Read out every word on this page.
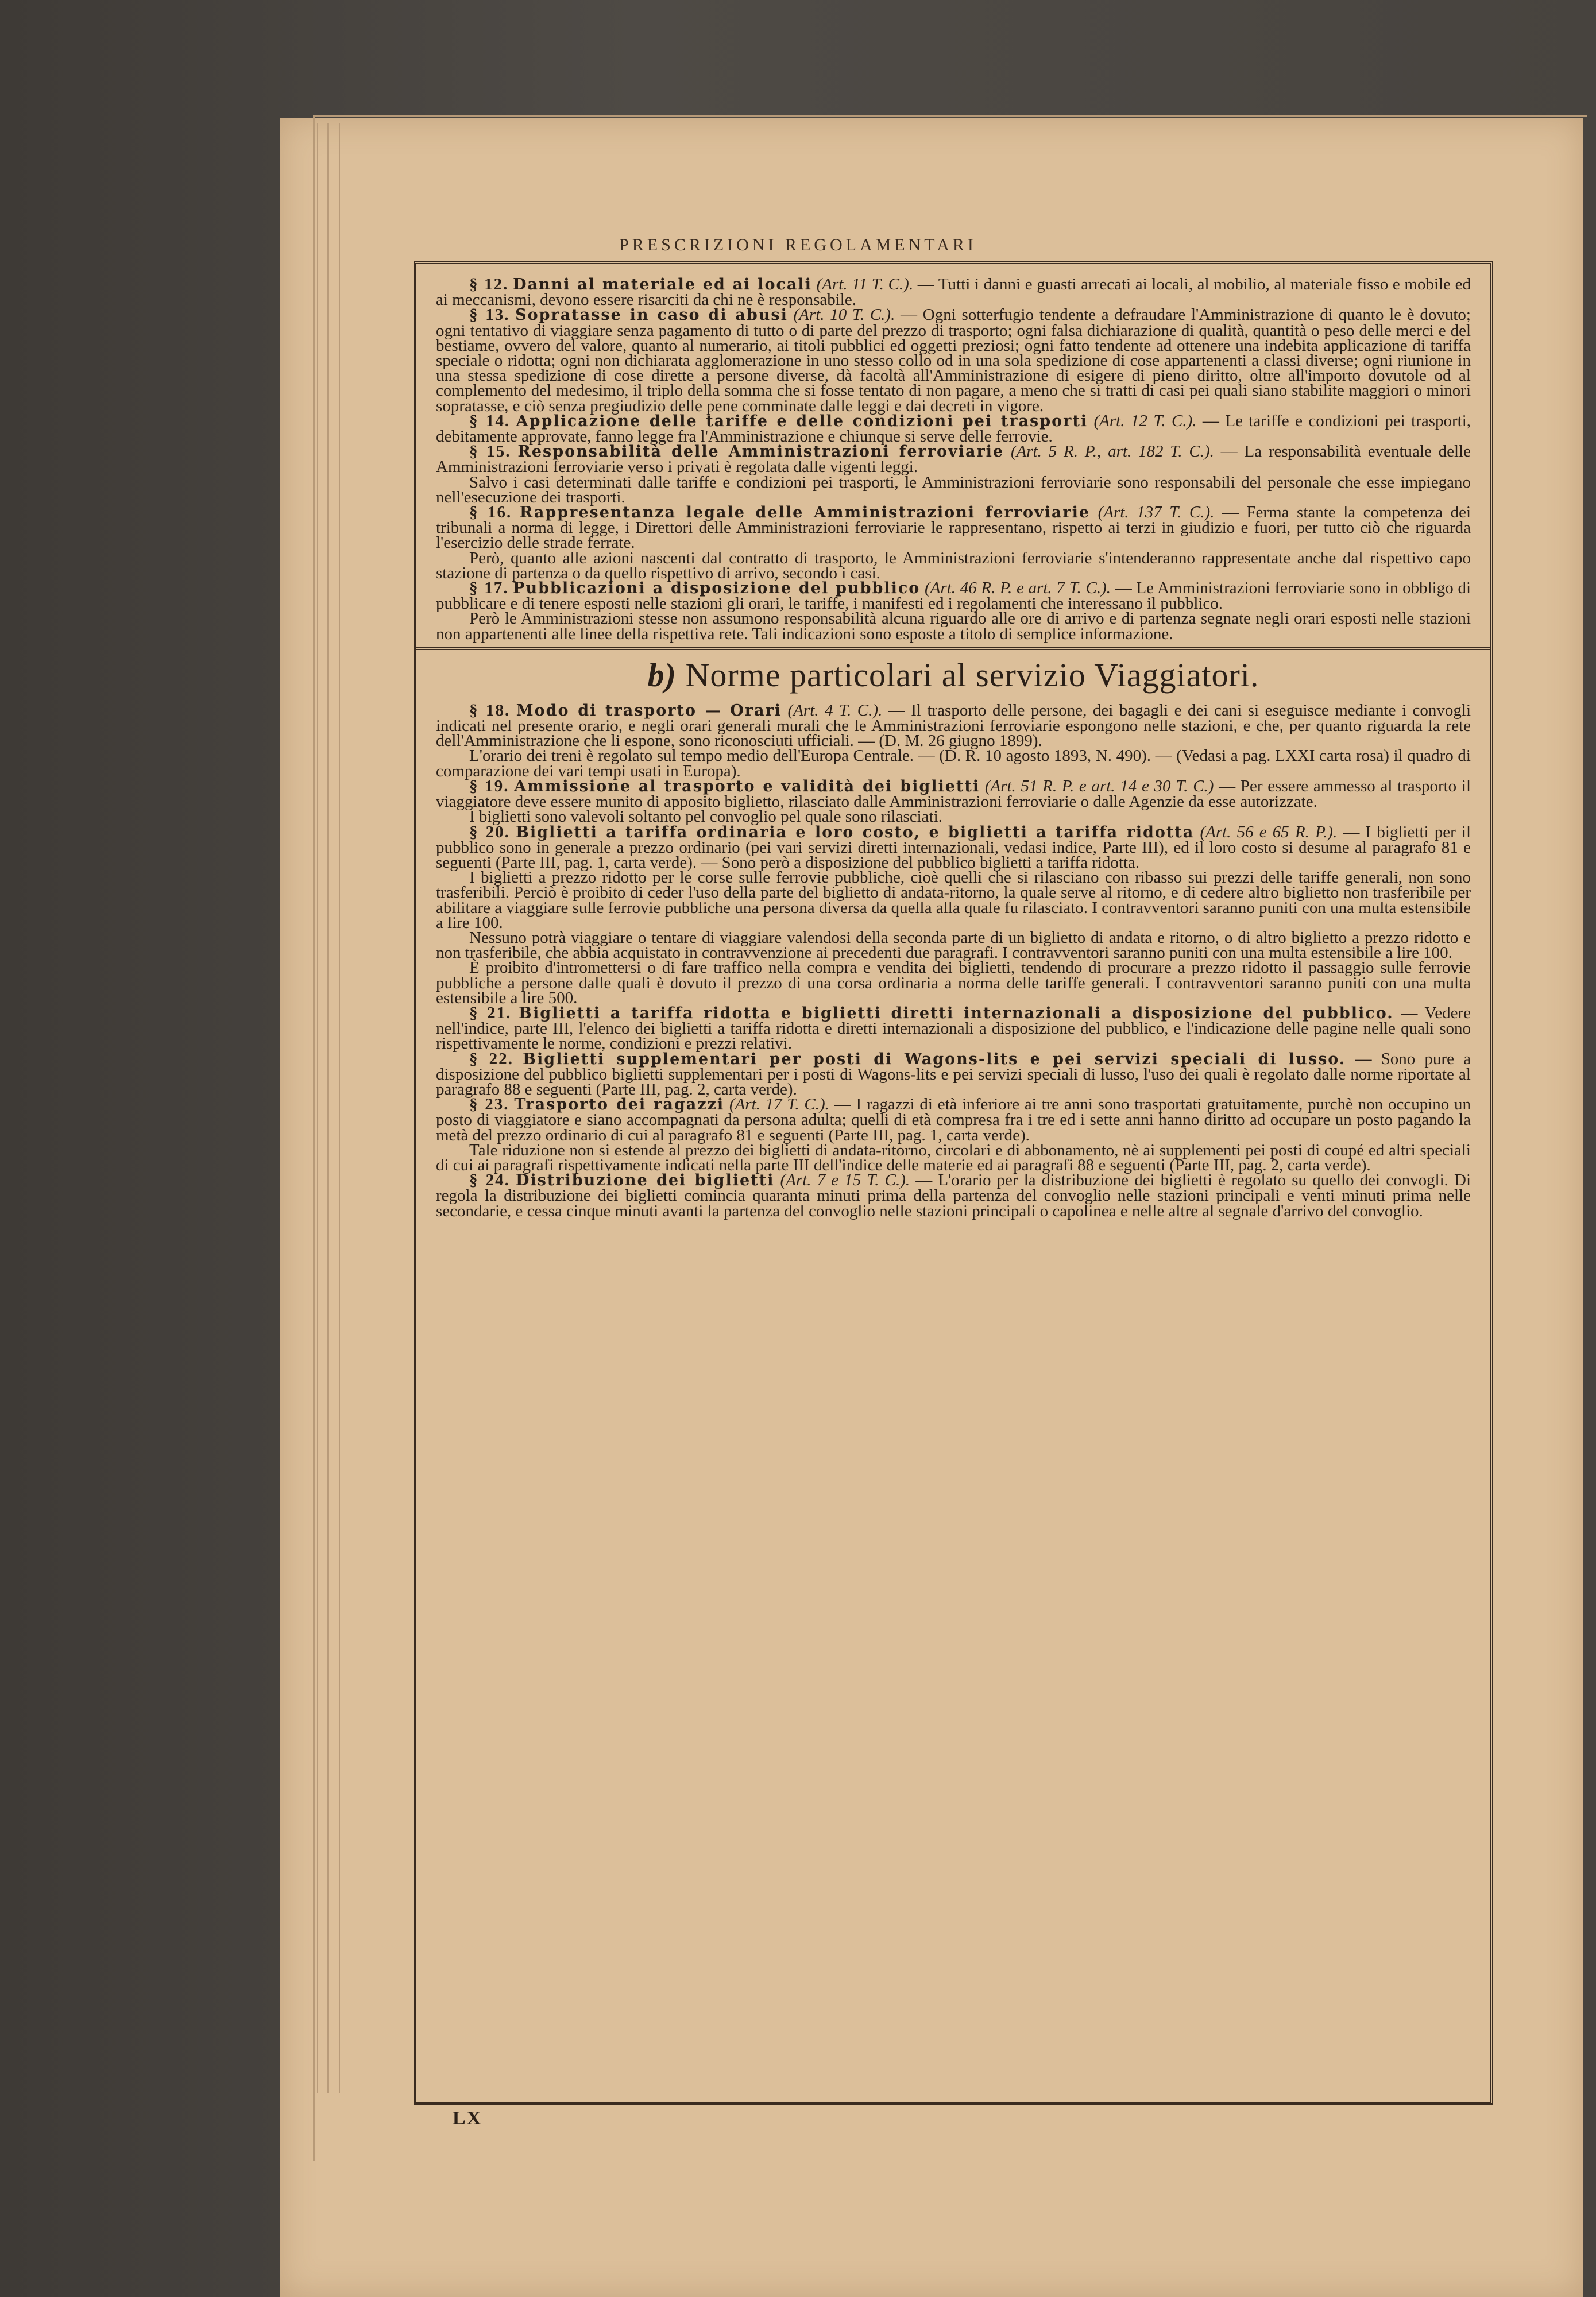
PRESCRIZIONI REGOLAMENTARI

§ 12. Danni al materiale ed ai locali (Art. 11 T. C.). — Tutti i danni e guasti arrecati ai locali, al mobilio, al materiale fisso e mobile ed ai meccanismi, devono essere risarciti da chi ne è responsabile.

§ 13. Sopratasse in caso di abusi (Art. 10 T. C.). — Ogni sotterfugio tendente a defraudare l'Amministrazione di quanto le è dovuto; ogni tentativo di viaggiare senza pagamento di tutto o di parte del prezzo di trasporto; ogni falsa dichiarazione di qualità, quantità o peso delle merci e del bestiame, ovvero del valore, quanto al numerario, ai titoli pubblici ed oggetti preziosi; ogni fatto tendente ad ottenere una indebita applicazione di tariffa speciale o ridotta; ogni non dichiarata agglomerazione in uno stesso collo od in una sola spedizione di cose appartenenti a classi diverse; ogni riunione in una stessa spedizione di cose dirette a persone diverse, dà facoltà all'Amministrazione di esigere di pieno diritto, oltre all'importo dovutole od al complemento del medesimo, il triplo della somma che si fosse tentato di non pagare, a meno che si tratti di casi pei quali siano stabilite maggiori o minori sopratasse, e ciò senza pregiudizio delle pene comminate dalle leggi e dai decreti in vigore.

§ 14. Applicazione delle tariffe e delle condizioni pei trasporti (Art. 12 T. C.). — Le tariffe e condizioni pei trasporti, debitamente approvate, fanno legge fra l'Amministrazione e chiunque si serve delle ferrovie.

§ 15. Responsabilità delle Amministrazioni ferroviarie (Art. 5 R. P., art. 182 T. C.). — La responsabilità eventuale delle Amministrazioni ferroviarie verso i privati è regolata dalle vigenti leggi.

Salvo i casi determinati dalle tariffe e condizioni pei trasporti, le Amministrazioni ferroviarie sono responsabili del personale che esse impiegano nell'esecuzione dei trasporti.

§ 16. Rappresentanza legale delle Amministrazioni ferroviarie (Art. 137 T. C.). — Ferma stante la competenza dei tribunali a norma di legge, i Direttori delle Amministrazioni ferroviarie le rappresentano, rispetto ai terzi in giudizio e fuori, per tutto ciò che riguarda l'esercizio delle strade ferrate.

Però, quanto alle azioni nascenti dal contratto di trasporto, le Amministrazioni ferroviarie s'intenderanno rappresentate anche dal rispettivo capo stazione di partenza o da quello rispettivo di arrivo, secondo i casi.

§ 17. Pubblicazioni a disposizione del pubblico (Art. 46 R. P. e art. 7 T. C.). — Le Amministrazioni ferroviarie sono in obbligo di pubblicare e di tenere esposti nelle stazioni gli orari, le tariffe, i manifesti ed i regolamenti che interessano il pubblico.

Però le Amministrazioni stesse non assumono responsabilità alcuna riguardo alle ore di arrivo e di partenza segnate negli orari esposti nelle stazioni non appartenenti alle linee della rispettiva rete. Tali indicazioni sono esposte a titolo di semplice informazione.

b) Norme particolari al servizio Viaggiatori.

§ 18. Modo di trasporto — Orari (Art. 4 T. C.). — Il trasporto delle persone, dei bagagli e dei cani si eseguisce mediante i convogli indicati nel presente orario, e negli orari generali murali che le Amministrazioni ferroviarie espongono nelle stazioni, e che, per quanto riguarda la rete dell'Amministrazione che li espone, sono riconosciuti ufficiali. — (D. M. 26 giugno 1899).

L'orario dei treni è regolato sul tempo medio dell'Europa Centrale. — (D. R. 10 agosto 1893, N. 490). — (Vedasi a pag. LXXI carta rosa) il quadro di comparazione dei vari tempi usati in Europa).

§ 19. Ammissione al trasporto e validità dei biglietti (Art. 51 R. P. e art. 14 e 30 T. C.) — Per essere ammesso al trasporto il viaggiatore deve essere munito di apposito biglietto, rilasciato dalle Amministrazioni ferroviarie o dalle Agenzie da esse autorizzate.

I biglietti sono valevoli soltanto pel convoglio pel quale sono rilasciati.

§ 20. Biglietti a tariffa ordinaria e loro costo, e biglietti a tariffa ridotta (Art. 56 e 65 R. P.). — I biglietti per il pubblico sono in generale a prezzo ordinario (pei vari servizi diretti internazionali, vedasi indice, Parte III), ed il loro costo si desume al paragrafo 81 e seguenti (Parte III, pag. 1, carta verde). — Sono però a disposizione del pubblico biglietti a tariffa ridotta.

I biglietti a prezzo ridotto per le corse sulle ferrovie pubbliche, cioè quelli che si rilasciano con ribasso sui prezzi delle tariffe generali, non sono trasferibili. Perciò è proibito di ceder l'uso della parte del biglietto di andata-ritorno, la quale serve al ritorno, e di cedere altro biglietto non trasferibile per abilitare a viaggiare sulle ferrovie pubbliche una persona diversa da quella alla quale fu rilasciato. I contravventori saranno puniti con una multa estensibile a lire 100.

Nessuno potrà viaggiare o tentare di viaggiare valendosi della seconda parte di un biglietto di andata e ritorno, o di altro biglietto a prezzo ridotto e non trasferibile, che abbia acquistato in contravvenzione ai precedenti due paragrafi. I contravventori saranno puniti con una multa estensibile a lire 100.

È proibito d'intromettersi o di fare traffico nella compra e vendita dei biglietti, tendendo di procurare a prezzo ridotto il passaggio sulle ferrovie pubbliche a persone dalle quali è dovuto il prezzo di una corsa ordinaria a norma delle tariffe generali. I contravventori saranno puniti con una multa estensibile a lire 500.

§ 21. Biglietti a tariffa ridotta e biglietti diretti internazionali a disposizione del pubblico. — Vedere nell'indice, parte III, l'elenco dei biglietti a tariffa ridotta e diretti internazionali a disposizione del pubblico, e l'indicazione delle pagine nelle quali sono rispettivamente le norme, condizioni e prezzi relativi.

§ 22. Biglietti supplementari per posti di Wagons-lits e pei servizi speciali di lusso. — Sono pure a disposizione del pubblico biglietti supplementari per i posti di Wagons-lits e pei servizi speciali di lusso, l'uso dei quali è regolato dalle norme riportate al paragrafo 88 e seguenti (Parte III, pag. 2, carta verde).

§ 23. Trasporto dei ragazzi (Art. 17 T. C.). — I ragazzi di età inferiore ai tre anni sono trasportati gratuitamente, purchè non occupino un posto di viaggiatore e siano accompagnati da persona adulta; quelli di età compresa fra i tre ed i sette anni hanno diritto ad occupare un posto pagando la metà del prezzo ordinario di cui al paragrafo 81 e seguenti (Parte III, pag. 1, carta verde).

Tale riduzione non si estende al prezzo dei biglietti di andata-ritorno, circolari e di abbonamento, nè ai supplementi pei posti di coupé ed altri speciali di cui ai paragrafi rispettivamente indicati nella parte III dell'indice delle materie ed ai paragrafi 88 e seguenti (Parte III, pag. 2, carta verde).

§ 24. Distribuzione dei biglietti (Art. 7 e 15 T. C.). — L'orario per la distribuzione dei biglietti è regolato su quello dei convogli. Di regola la distribuzione dei biglietti comincia quaranta minuti prima della partenza del convoglio nelle stazioni principali e venti minuti prima nelle secondarie, e cessa cinque minuti avanti la partenza del convoglio nelle stazioni principali o capolinea e nelle altre al segnale d'arrivo del convoglio.

LX
